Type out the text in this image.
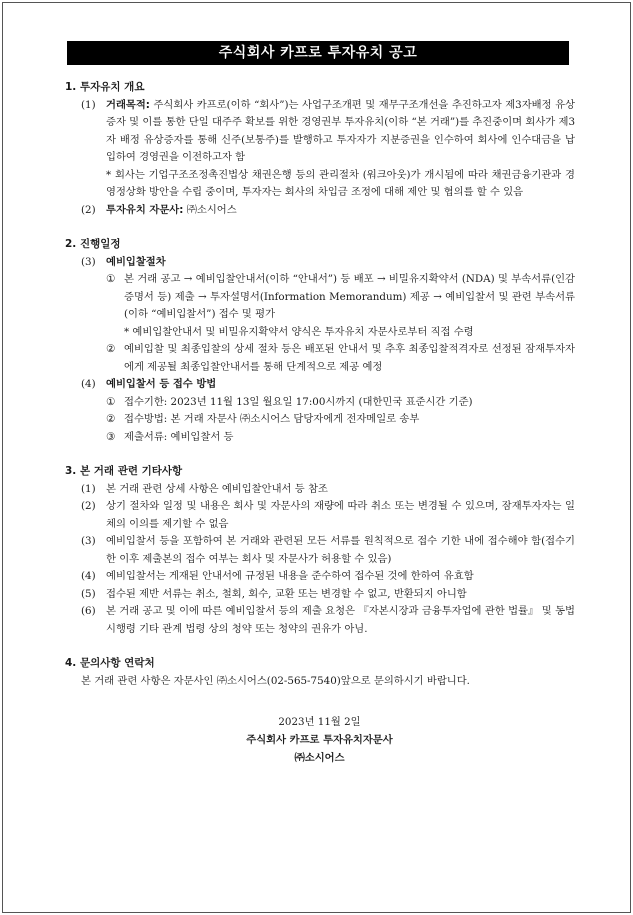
주식회사 카프로 투자유치 공고
1. 투자유치 개요
(1)	거래목적: 주식회사 카프로(이하 “회사”)는 사업구조개편 및 재무구조개선을 추진하고자 제3자배정 유상증자 및 이를 통한 단일 대주주 확보를 위한 경영권부 투자유치(이하 “본 거래”)를 추진중이며 회사가 제3자 배정 유상증자를 통해 신주(보통주)를 발행하고 투자자가 지분증권을 인수하여 회사에 인수대금을 납입하여 경영권을 이전하고자 함
* 회사는 기업구조조정촉진법상 채권은행 등의 관리절차 (워크아웃)가 개시됨에 따라 채권금융기관과 경영정상화 방안을 수립 중이며, 투자자는 회사의 차입금 조정에 대해 제안 및 협의를 할 수 있음
(2)	투자유치 자문사: ㈜소시어스
2. 진행일정
(3)	예비입찰절차
① 본 거래 공고 → 예비입찰안내서(이하 “안내서”) 등 배포 → 비밀유지확약서 (NDA) 및 부속서류(인감증명서 등) 제출 → 투자설명서(Information Memorandum) 제공 → 예비입찰서 및 관련 부속서류(이하 “예비입찰서”) 접수 및 평가
* 예비입찰안내서 및 비밀유지확약서 양식은 투자유치 자문사로부터 직접 수령
② 예비입찰 및 최종입찰의 상세 절차 등은 배포된 안내서 및 추후 최종입찰적격자로 선정된 잠재투자자에게 제공될 최종입찰안내서를 통해 단계적으로 제공 예정
(4)	예비입찰서 등 접수 방법
① 접수기한: 2023년 11월 13일 월요일 17:00시까지 (대한민국 표준시간 기준)
② 접수방법: 본 거래 자문사 ㈜소시어스 담당자에게 전자메일로 송부
③ 제출서류: 예비입찰서 등
3. 본 거래 관련 기타사항
(1)	본 거래 관련 상세 사항은 예비입찰안내서 등 참조
(2)	상기 절차와 일정 및 내용은 회사 및 자문사의 재량에 따라 취소 또는 변경될 수 있으며, 잠재투자자는 일체의 이의를 제기할 수 없음
(3)	예비입찰서 등을 포함하여 본 거래와 관련된 모든 서류를 원칙적으로 접수 기한 내에 접수해야 함(접수기한 이후 제출본의 접수 여부는 회사 및 자문사가 허용할 수 있음)
(4)	예비입찰서는 게재된 안내서에 규정된 내용을 준수하여 접수된 것에 한하여 유효함
(5)	접수된 제반 서류는 취소, 철회, 회수, 교환 또는 변경할 수 없고, 반환되지 아니함
(6)	본 거래 공고 및 이에 따른 예비입찰서 등의 제출 요청은 『자본시장과 금융투자업에 관한 법률』 및 동법 시행령 기타 관계 법령 상의 청약 또는 청약의 권유가 아님.
4. 문의사항 연락처
본 거래 관련 사항은 자문사인 ㈜소시어스(02-565-7540)앞으로 문의하시기 바랍니다.
2023년 11월 2일
주식회사 카프로 투자유치자문사
㈜소시어스
